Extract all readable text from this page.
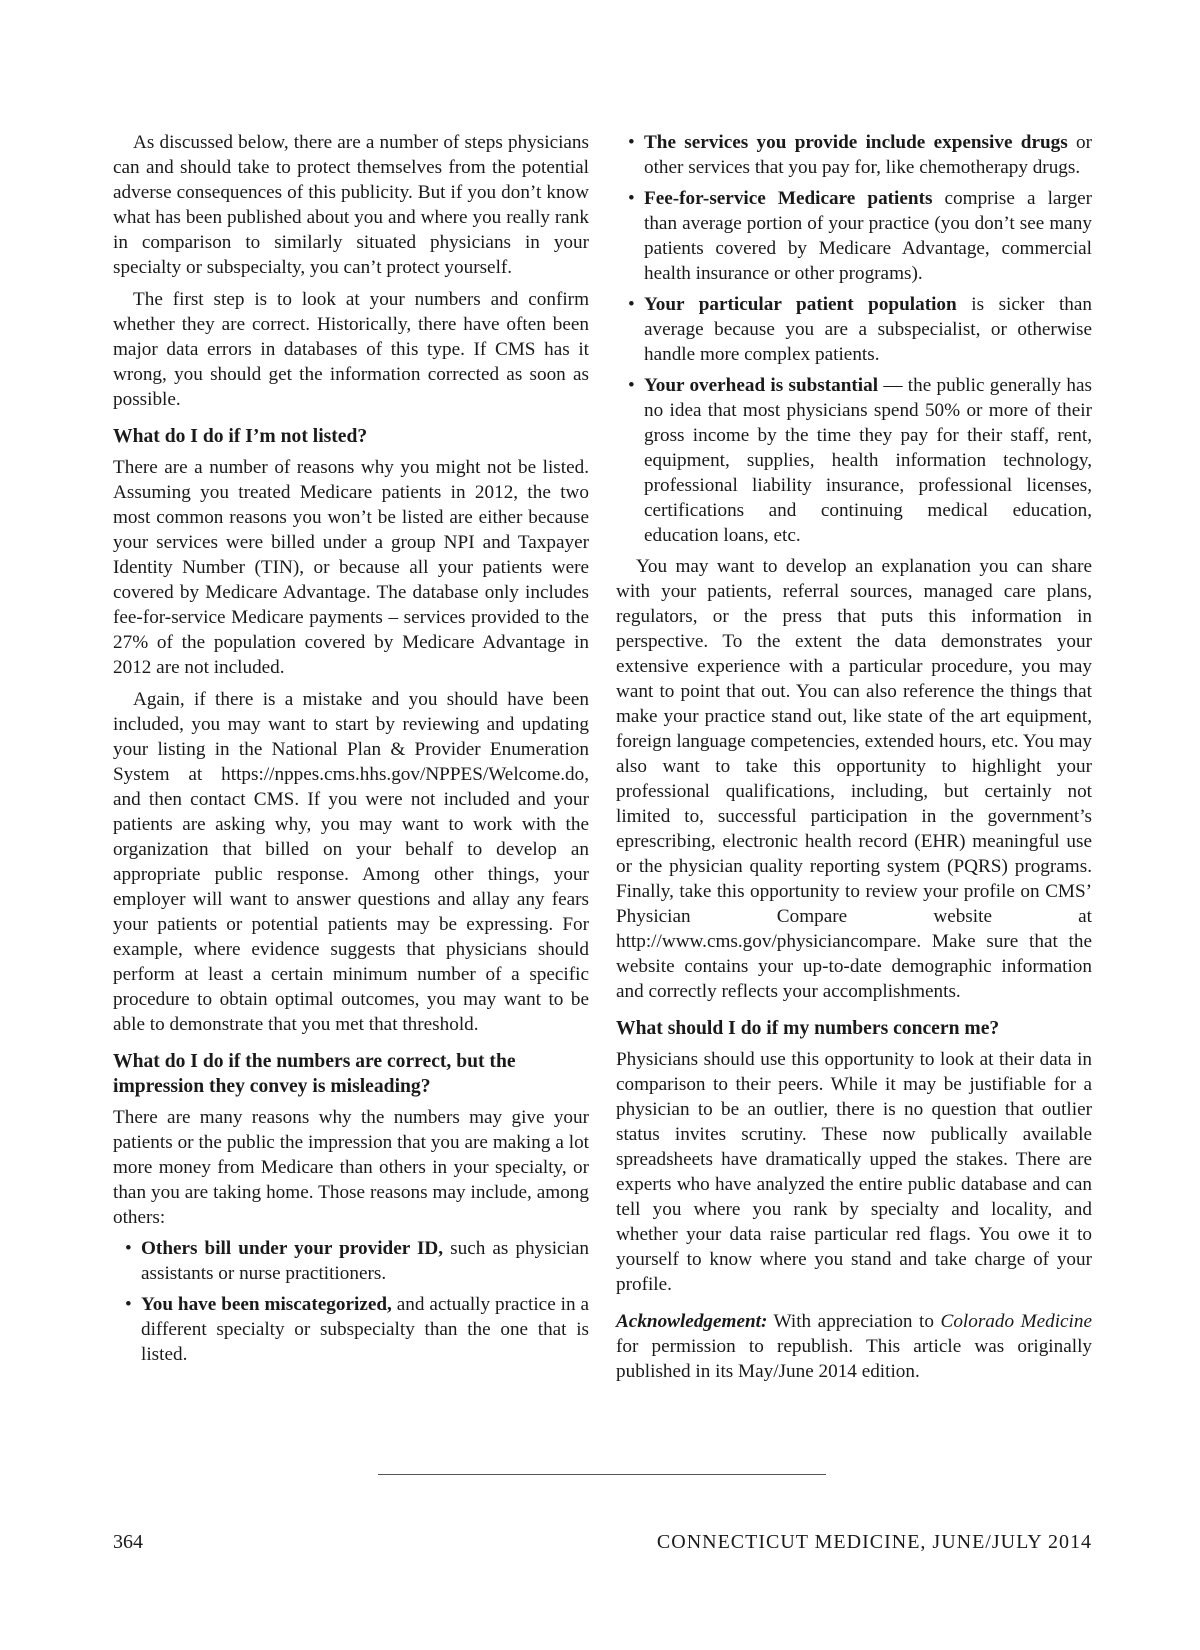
As discussed below, there are a number of steps physicians can and should take to protect themselves from the potential adverse consequences of this publicity. But if you don’t know what has been published about you and where you really rank in comparison to similarly situated physicians in your specialty or subspecialty, you can’t protect yourself.

The first step is to look at your numbers and confirm whether they are correct. Historically, there have often been major data errors in databases of this type. If CMS has it wrong, you should get the information corrected as soon as possible.

What do I do if I’m not listed?

There are a number of reasons why you might not be listed. Assuming you treated Medicare patients in 2012, the two most common reasons you won’t be listed are either because your services were billed under a group NPI and Taxpayer Identity Number (TIN), or because all your patients were covered by Medicare Advantage. The database only includes fee-for-service Medicare payments – services provided to the 27% of the population covered by Medicare Advantage in 2012 are not included.

Again, if there is a mistake and you should have been included, you may want to start by reviewing and updating your listing in the National Plan & Provider Enumeration System at https://nppes.cms.hhs.gov/NPPES/Welcome.do, and then contact CMS. If you were not included and your patients are asking why, you may want to work with the organization that billed on your behalf to develop an appropriate public response. Among other things, your employer will want to answer questions and allay any fears your patients or potential patients may be expressing. For example, where evidence suggests that physicians should perform at least a certain minimum number of a specific procedure to obtain optimal outcomes, you may want to be able to demonstrate that you met that threshold.

What do I do if the numbers are correct, but the impression they convey is misleading?

There are many reasons why the numbers may give your patients or the public the impression that you are making a lot more money from Medicare than others in your specialty, or than you are taking home. Those reasons may include, among others:

• Others bill under your provider ID, such as physician assistants or nurse practitioners.
• You have been miscategorized, and actually practice in a different specialty or subspecialty than the one that is listed.
• The services you provide include expensive drugs or other services that you pay for, like chemotherapy drugs.
• Fee-for-service Medicare patients comprise a larger than average portion of your practice (you don’t see many patients covered by Medicare Advantage, commercial health insurance or other programs).
• Your particular patient population is sicker than average because you are a subspecialist, or otherwise handle more complex patients.
• Your overhead is substantial — the public generally has no idea that most physicians spend 50% or more of their gross income by the time they pay for their staff, rent, equipment, supplies, health information technology, professional liability insurance, professional licenses, certifications and continuing medical education, education loans, etc.

You may want to develop an explanation you can share with your patients, referral sources, managed care plans, regulators, or the press that puts this information in perspective. To the extent the data demonstrates your extensive experience with a particular procedure, you may want to point that out. You can also reference the things that make your practice stand out, like state of the art equipment, foreign language competencies, extended hours, etc. You may also want to take this opportunity to highlight your professional qualifications, including, but certainly not limited to, successful participation in the government’s eprescribing, electronic health record (EHR) meaningful use or the physician quality reporting system (PQRS) programs. Finally, take this opportunity to review your profile on CMS’ Physician Compare website at http://www.cms.gov/physiciancompare. Make sure that the website contains your up-to-date demographic information and correctly reflects your accomplishments.

What should I do if my numbers concern me?

Physicians should use this opportunity to look at their data in comparison to their peers. While it may be justifiable for a physician to be an outlier, there is no question that outlier status invites scrutiny. These now publically available spreadsheets have dramatically upped the stakes. There are experts who have analyzed the entire public database and can tell you where you rank by specialty and locality, and whether your data raise particular red flags. You owe it to yourself to know where you stand and take charge of your profile.

Acknowledgement: With appreciation to Colorado Medicine for permission to republish. This article was originally published in its May/June 2014 edition.

364	CONNECTICUT MEDICINE, JUNE/JULY 2014
